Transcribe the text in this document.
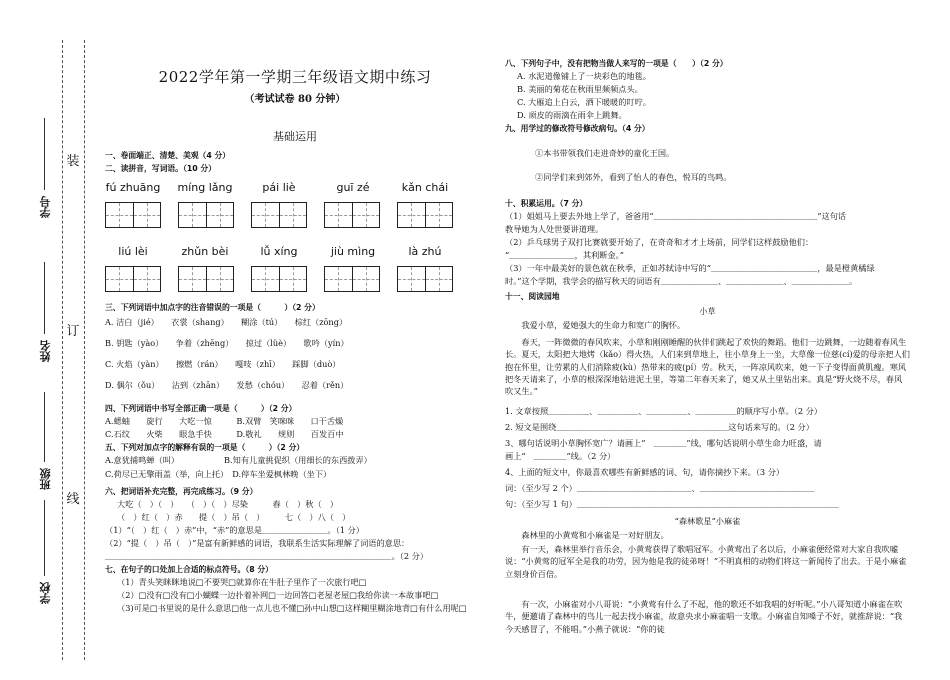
装
订
线
学号
姓名
班级
学校
2022学年第一学期三年级语文期中练习
（考试试卷 80 分钟）
基础运用
一、卷面端正、清楚、美观（4 分）
二、读拼音，写词语。（10 分）
fú zhuāng	míng lǎng	pái liè	guī zé	kǎn chái
liú lèi	zhǔn bèi	lǚ xíng	jiù mìng	là zhú
三、下列词语中加点字的注音错误的一项是（　　　）（2 分）
A. 洁白（jié）　　衣裳（shang）　　糊涂（tú）　　棕红（zōng）
B. 钥匙（yào）　　争着（zhēng）　　掠过（lüè）　　歌吟（yín）
C. 火焰（yàn）　　擦燃（rán）　　嘎吱（zhī）　　踩脚（duò）
D. 偶尔（ǒu）　　沾到（zhān）　　发愁（chóu）　　忍着（rěn）
四、下列词语中书写全部正确一项是（　　　）（2 分）
A.蟋蚰　　旋行　　大吃一惊　　　B.双臂　笑咪咪　　口干舌燥
C.石纹　　火柴　　眼急手快　　　D.敬礼　　规则　　百发百中
五、下列对加点字的解释有误的一项是（　　　）（2 分）
A.意犹捕鸣蝉（叫）　　　　　　B.知有儿童挑促织（用细长的东西拨弄）
C.荷尽已无擎雨盖（举，向上托）　D.停车坐爱枫林晚（坐下）
六、把词语补充完整，再完成练习。（9 分）
大吃（　）（　）　　（　）（　）尽染　　　春（　）秋（　）
（　）红（　）赤　　提（　）吊（　）　　　七（　）八（　）
（1）“（　）红（　）赤”中，“赤”的意思是＿＿＿＿＿＿＿＿。（1 分）
（2）“提（　）吊（　）”是富有新鲜感的词语，我联系生活实际理解了词语的意思：
＿＿＿＿＿＿＿＿＿＿＿＿＿＿＿＿＿＿＿＿＿＿＿＿＿＿＿＿＿＿＿＿＿＿＿。（2 分）
七、在句子的口处加上合适的标点符号。（8 分）
（1）青头笑眯眯地说□不要哭□就算你在牛肚子里作了一次旅行吧□
（2）□没有□没有□小蝴蝶一边扑着补网□一边回答□老屋老屋□我给你读一本故事吧□
（3)可是□书里说的是什么意思□他一点儿也不懂□孙中山想□这样糊里糊涂地背□有什么用呢□
八、下列句子中，没有把物当做人来写的一项是（　　）（2 分）
A. 水泥道像铺上了一块彩色的地毯。
B. 美丽的菊花在秋雨里频频点头。
C. 大雁追上白云，洒下暖暖的叮咛。
D. 顽皮的雨滴在雨伞上跳舞。
九、用学过的修改符号修改病句。（4 分）
①本书带领我们走进奇妙的童化王国。
②同学们来到郊外，看到了怡人的春色，悦耳的鸟鸣。
十、积累运用。（7 分）
（1）姐姐马上要去外地上学了，爸爸用“＿＿＿＿＿＿＿＿＿＿＿＿＿＿＿＿＿＿＿＿”这句话
教导她为人处世要讲道理。
（2）乒乓球男子双打比赛就要开始了，在奇奇和才才上场前，同学们这样鼓励他们：
“＿＿＿＿＿＿＿＿，其利断金。”
（3）一年中最美好的景色就在秋季，正如苏轼诗中写的“＿＿＿＿＿＿＿＿＿＿＿＿＿，最是橙黄橘绿
时。”这个学期，我学会的描写秋天的词语有＿＿＿＿＿＿＿、＿＿＿＿＿＿＿、＿＿＿＿＿＿＿。
十一、阅读园地
小草
我爱小草，爱她强大的生命力和宽广的胸怀。
春天，一阵微微的春风吹来，小草和刚刚睡醒的伙伴们跳起了欢快的舞蹈。他们一边跳舞，一边随着春风生长。夏天，太阳把大地烤（kǎo）得火热，人们来到草地上，往小草身上一坐，大草像一位慈(cí)爱的母亲把人们抱在怀里，让劳累的人们消除疲(kù）热带来的疲(pí）劳。秋天，一阵凉风吹来，她一下子变得面黄肌瘦。寒风把冬天请来了，小草的根深深地钻进泥土里，等第二年春天来了，她又从土里钻出来。真是“野火烧不尽，春风吹又生。”
1. 文章按照＿＿＿＿＿、＿＿＿＿＿、＿＿＿＿＿、＿＿＿＿＿的顺序写小草。（2 分）
2. 短文是围绕＿＿＿＿＿＿＿＿＿＿＿＿＿＿＿＿＿＿＿＿＿这句话来写的。（2 分）
3、哪句话说明小草胸怀宽广？请画上“　＿＿＿＿”线，哪句话说明小草生命力旺盛，请
画上“　＿＿＿＿”线。（2 分）
4、上面的短文中，你最喜欢哪些有新鲜感的词、句，请你摘抄下来。（3 分）
词：（至少写 2 个）＿＿＿＿＿＿＿＿＿＿＿＿＿＿、＿＿＿＿＿＿＿＿＿＿＿＿＿＿
句：（至少写 1 句）＿＿＿＿＿＿＿＿＿＿＿＿＿＿＿＿＿＿＿＿＿＿＿＿＿＿＿＿＿＿＿＿
“森林歌星”小麻雀
森林里的小黄莺和小麻雀是一对好朋友。
有一天，森林里举行音乐会，小黄莺获得了歌唱冠军。小黄莺出了名以后，小麻雀便经常对大家自我吹嘘说：“小黄莺的冠军全是我的功劳，因为他是我的徒弟呀！”不明真相的动物们将这一新闻传了出去。于是小麻雀立刻身价百倍。
有一次，小麻雀对小八哥说：“小黄莺有什么了不起，他的歌还不如我唱的好听呢。”小八哥知道小麻雀在吹牛，便邀请了森林中的鸟儿一起去找小麻雀，故意央求小麻雀唱一支歌。小麻雀自知嗓子不好，就推辞说：“我今天感冒了，不能唱。”小燕子就说：“你的徒
